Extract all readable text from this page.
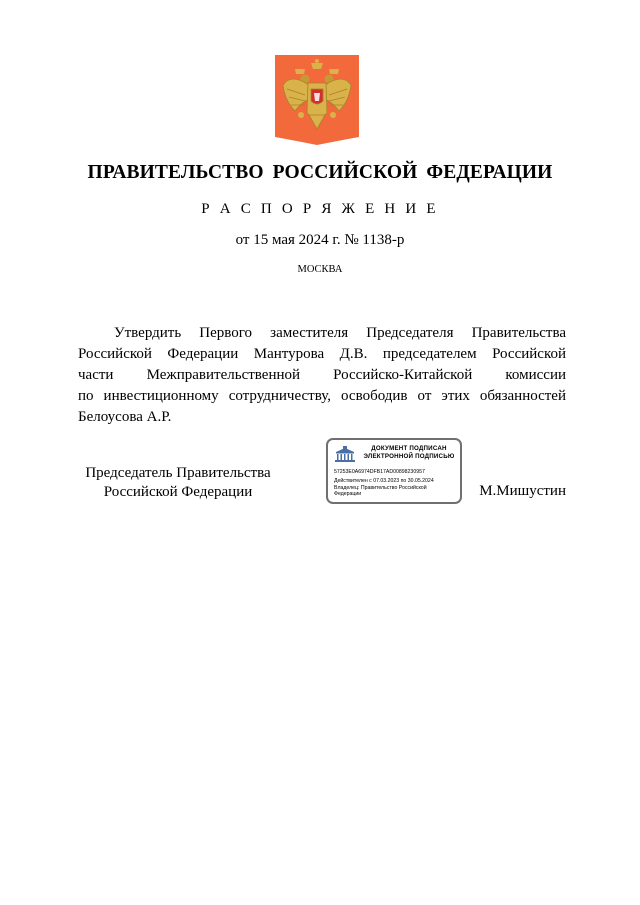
ПРАВИТЕЛЬСТВО РОССИЙСКОЙ ФЕДЕРАЦИИ
Р А С П О Р Я Ж Е Н И Е
от 15 мая 2024 г. № 1138-р
МОСКВА
Утвердить Первого заместителя Председателя Правительства
Российской Федерации Мантурова Д.В. председателем Российской
части Межправительственной Российско-Китайской комиссии
по инвестиционному сотрудничеству, освободив от этих обязанностей
Белоусова А.Р.
Председатель Правительства
Российской Федерации
ДОКУМЕНТ ПОДПИСАН
ЭЛЕКТРОННОЙ ПОДПИСЬЮ
57253E0A6974DFB17AD00898230957
Действителен с 07.03.2023 по 30.05.2024
Владелец: Правительство Российской
Федерации	М.Мишустин
